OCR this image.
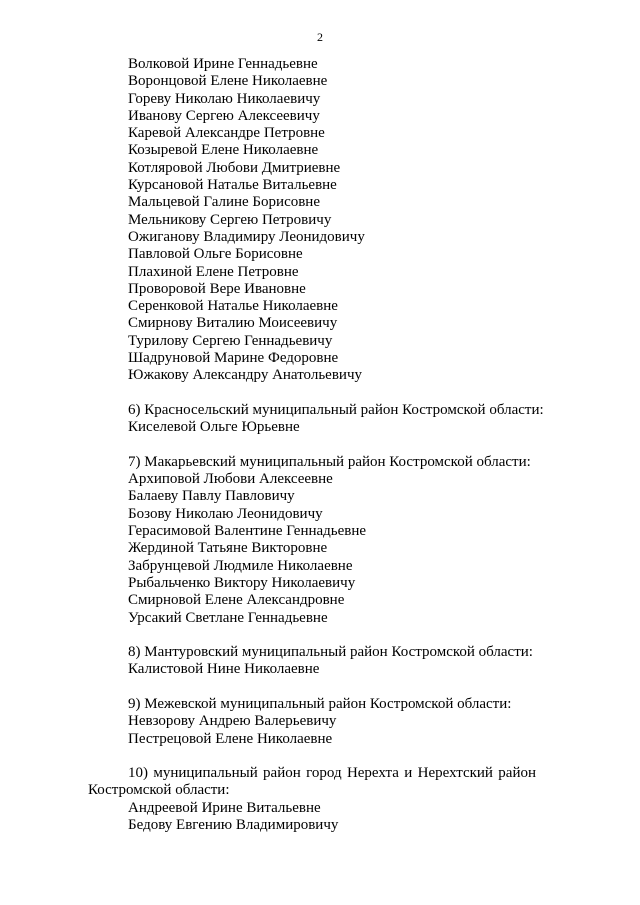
2
Волковой Ирине Геннадьевне
Воронцовой Елене Николаевне
Гореву Николаю Николаевичу
Иванову Сергею Алексеевичу
Каревой Александре Петровне
Козыревой Елене Николаевне
Котляровой Любови Дмитриевне
Курсановой Наталье Витальевне
Мальцевой Галине Борисовне
Мельникову Сергею Петровичу
Ожиганову Владимиру Леонидовичу
Павловой Ольге Борисовне
Плахиной Елене Петровне
Проворовой Вере Ивановне
Серенковой Наталье Николаевне
Смирнову Виталию Моисеевичу
Турилову Сергею Геннадьевичу
Шадруновой Марине Федоровне
Южакову Александру Анатольевичу
6) Красносельский муниципальный район Костромской области:
Киселевой Ольге Юрьевне
7) Макарьевский муниципальный район Костромской области:
Архиповой Любови Алексеевне
Балаеву Павлу Павловичу
Бозову Николаю Леонидовичу
Герасимовой Валентине Геннадьевне
Жердиной Татьяне Викторовне
Забрунцевой Людмиле Николаевне
Рыбальченко Виктору Николаевичу
Смирновой Елене Александровне
Урсакий Светлане Геннадьевне
8) Мантуровский муниципальный район Костромской области:
Калистовой Нине Николаевне
9) Межевской муниципальный район Костромской области:
Невзорову Андрею Валерьевичу
Пестрецовой Елене Николаевне
10) муниципальный район город Нерехта и Нерехтский район
Костромской области:
Андреевой Ирине Витальевне
Бедову Евгению Владимировичу
